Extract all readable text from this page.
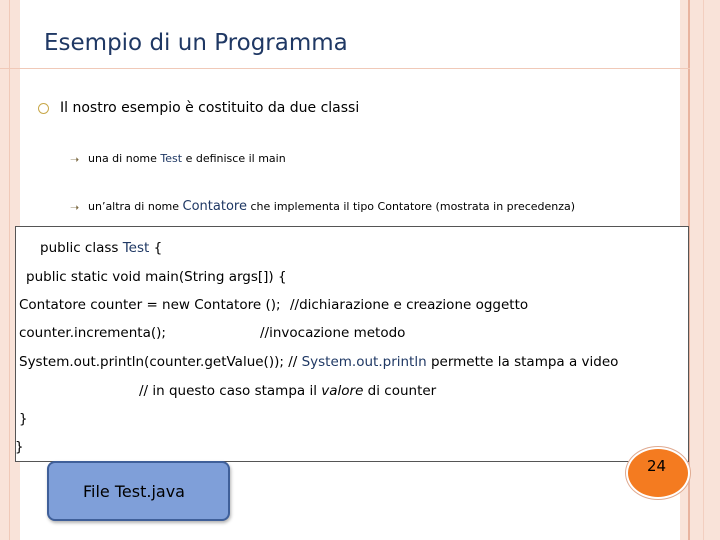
Esempio di un Programma
Il nostro esempio è costituito da due classi
➝ una di nome Test e definisce il main
➝ un’altra di nome Contatore che implementa il tipo Contatore (mostrata in precedenza)
public class Test {
public static void main(String args[]) {
Contatore counter = new Contatore (); //dichiarazione e creazione oggetto
counter.incrementa();	//invocazione metodo
System.out.println(counter.getValue()); // System.out.println permette la stampa a video
// in questo caso stampa il valore di counter
}
}
File Test.java
24
